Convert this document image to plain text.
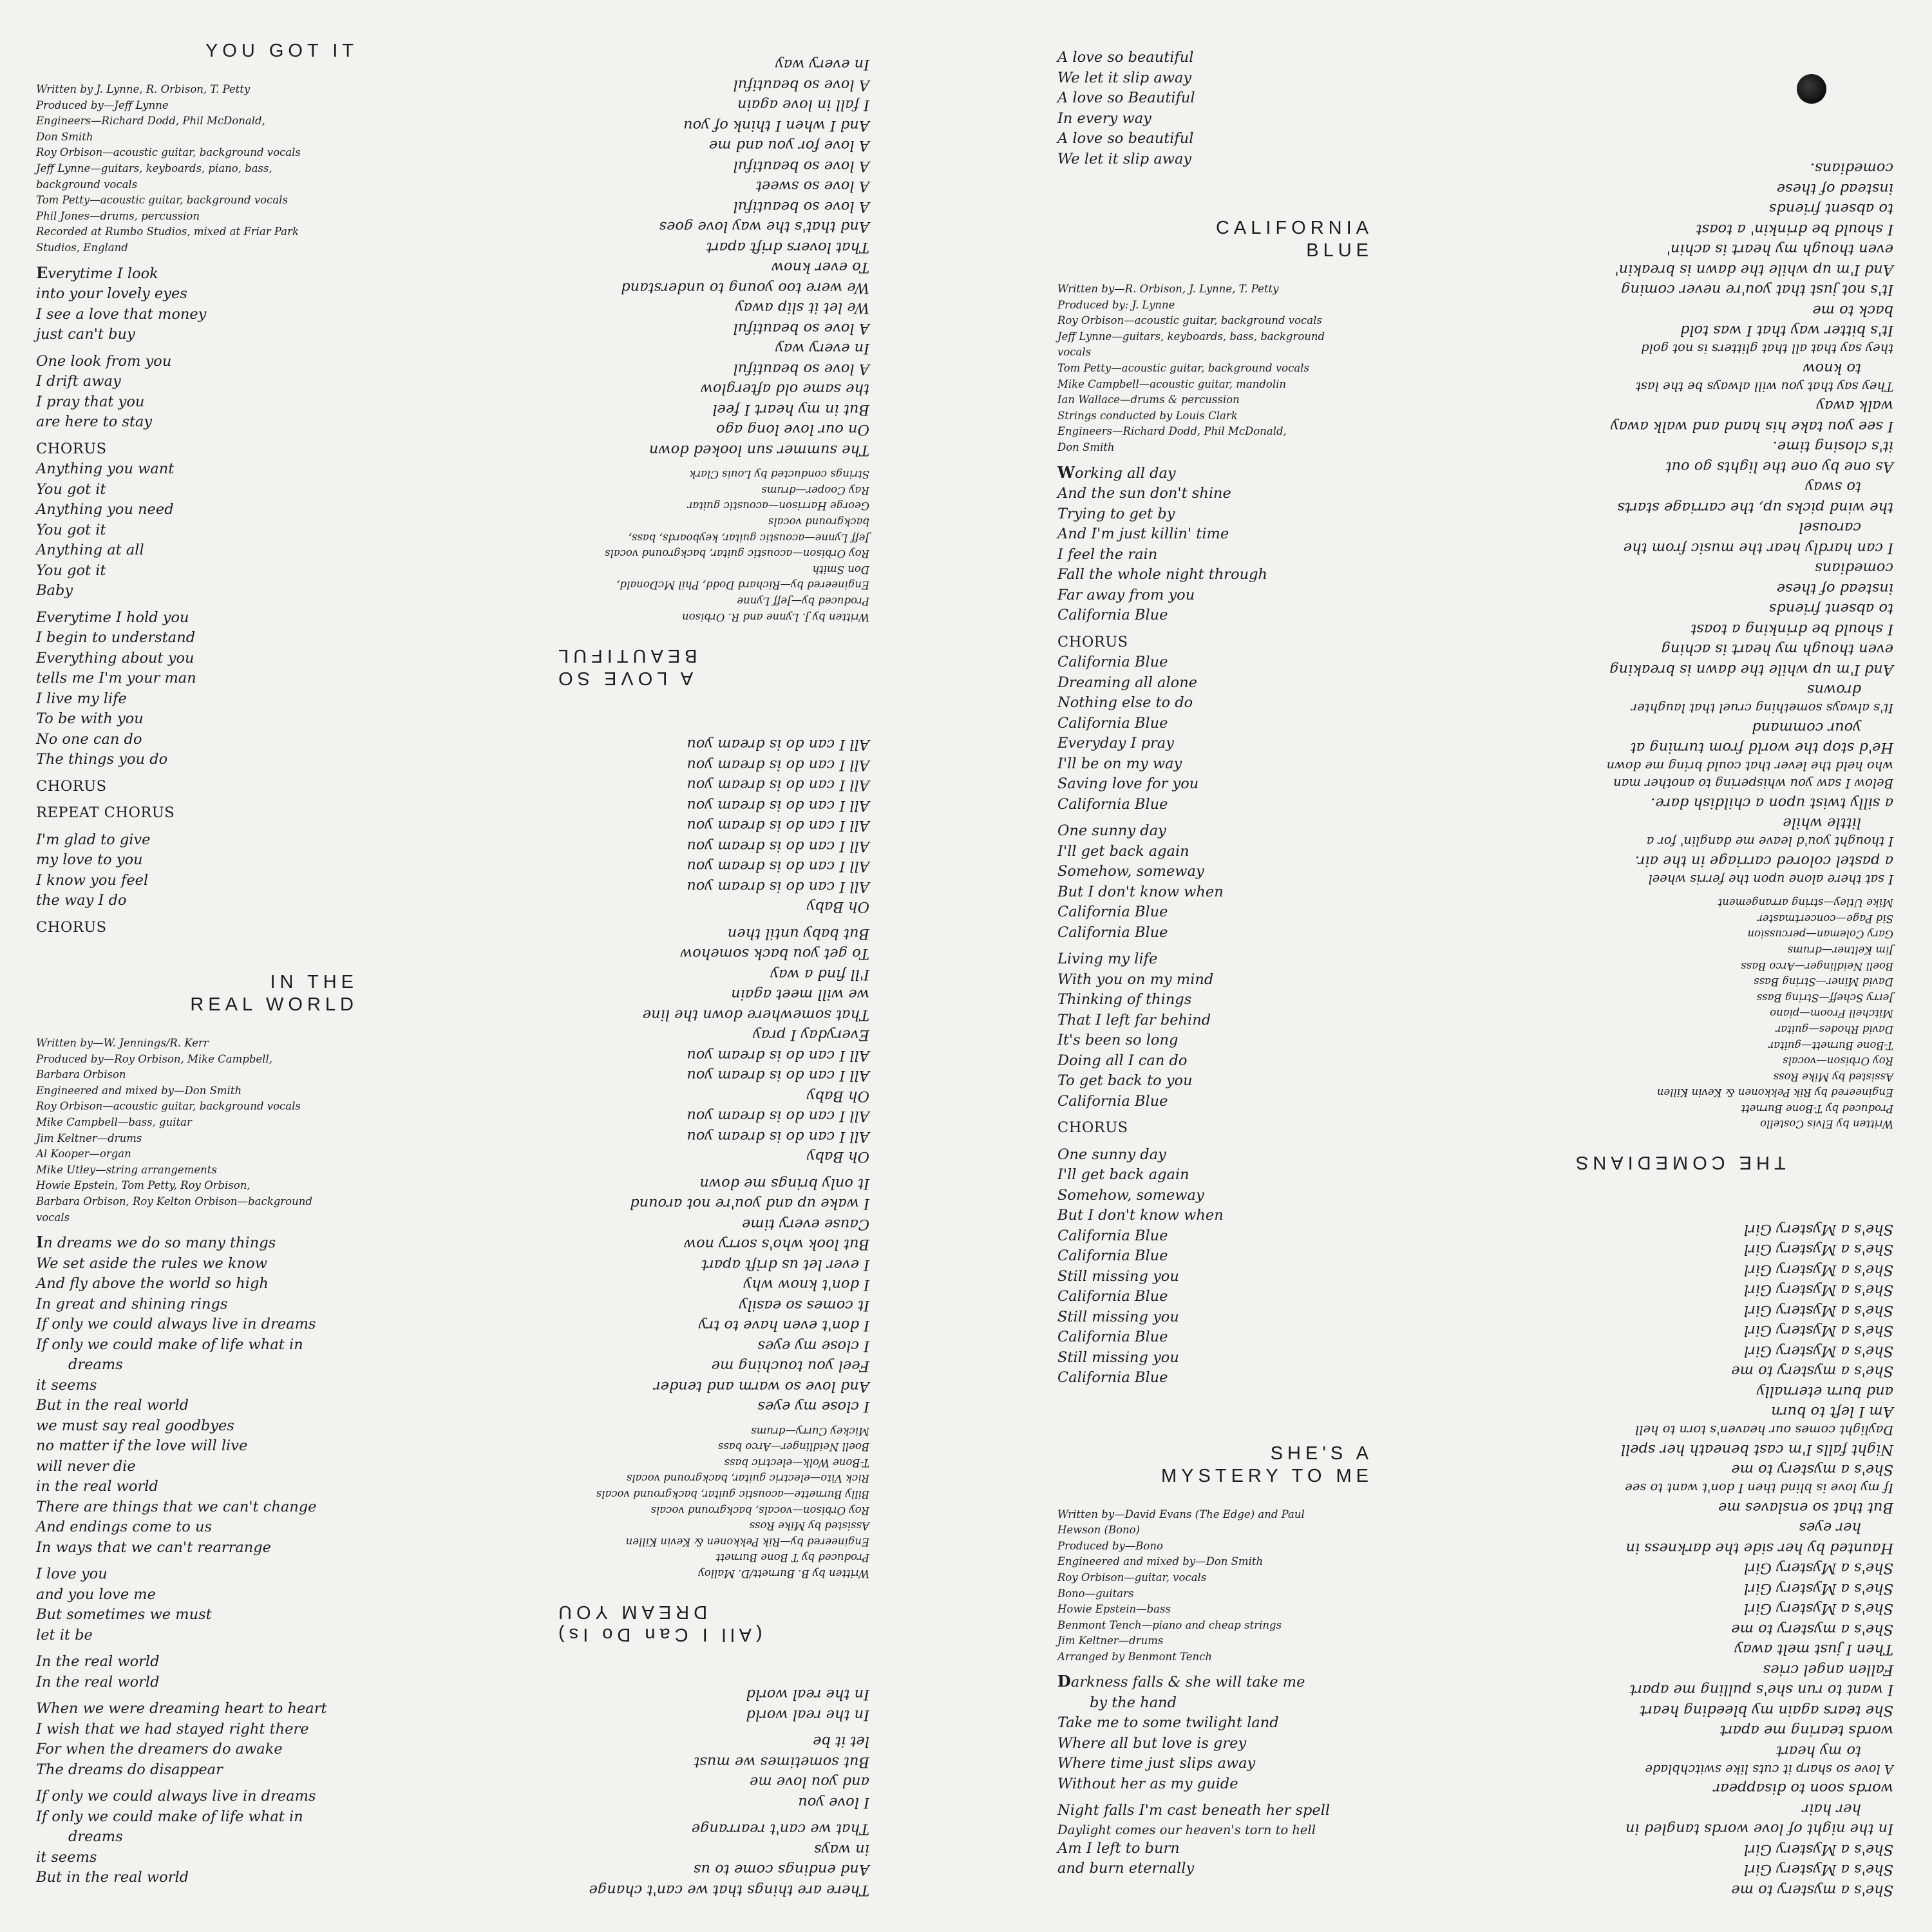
YOU GOT IT
Written by J. Lynne, R. Orbison, T. Petty
Produced by—Jeff Lynne
Engineers—Richard Dodd, Phil McDonald,
Don Smith
Roy Orbison—acoustic guitar, background vocals
Jeff Lynne—guitars, keyboards, piano, bass,
background vocals
Tom Petty—acoustic guitar, background vocals
Phil Jones—drums, percussion
Recorded at Rumbo Studios, mixed at Friar Park
Studios, England
Everytime I look
into your lovely eyes
I see a love that money
just can't buy
One look from you
I drift away
I pray that you
are here to stay
CHORUS
Anything you want
You got it
Anything you need
You got it
Anything at all
You got it
Baby
Everytime I hold you
I begin to understand
Everything about you
tells me I'm your man
I live my life
To be with you
No one can do
The things you do
CHORUS
REPEAT CHORUS
I'm glad to give
my love to you
I know you feel
the way I do
CHORUS
IN THE
REAL WORLD
Written by—W. Jennings/R. Kerr
Produced by—Roy Orbison, Mike Campbell,
Barbara Orbison
Engineered and mixed by—Don Smith
Roy Orbison—acoustic guitar, background vocals
Mike Campbell—bass, guitar
Jim Keltner—drums
Al Kooper—organ
Mike Utley—string arrangements
Howie Epstein, Tom Petty, Roy Orbison,
Barbara Orbison, Roy Kelton Orbison—background
vocals
In dreams we do so many things
We set aside the rules we know
And fly above the world so high
In great and shining rings
If only we could always live in dreams
If only we could make of life what in
dreams
it seems
But in the real world
we must say real goodbyes
no matter if the love will live
will never die
in the real world
There are things that we can't change
And endings come to us
In ways that we can't rearrange
I love you
and you love me
But sometimes we must
let it be
In the real world
In the real world
When we were dreaming heart to heart
I wish that we had stayed right there
For when the dreamers do awake
The dreams do disappear
If only we could always live in dreams
If only we could make of life what in
dreams
it seems
But in the real world
There are things that we can't change
And endings come to us
in ways
That we can't rearrange
I love you
and you love me
But sometimes we must
let it be
In the real world
In the real world
(All I Can Do Is)
DREAM YOU
Written by B. Burnett/D. Malloy
Produced by T Bone Burnett
Engineered by—Rik Pekkonen & Kevin Killen
Assisted by Mike Ross
Roy Orbison—vocals, background vocals
Billy Burnette—acoustic guitar, background vocals
Rick Vito—electric guitar, background vocals
T-Bone Wolk—electric bass
Boell Neidlinger—Arco bass
Mickey Curry—drums
I close my eyes
And love so warm and tender
Feel you touching me
I close my eyes
I don't even have to try
It comes so easily
I don't know why
I ever let us drift apart
But look who's sorry now
Cause every time
I wake up and you're not around
It only brings me down
Oh Baby
All I can do is dream you
All I can do is dream you
Oh Baby
All I can do is dream you
All I can do is dream you
Everyday I pray
That somewhere down the line
we will meet again
I'll find a way
To get you back somehow
But baby until then
Oh Baby
All I can do is dream you
All I can do is dream you
All I can do is dream you
All I can do is dream you
All I can do is dream you
All I can do is dream you
All I can do is dream you
All I can do is dream you
A LOVE SO
BEAUTIFUL
Written by J. Lynne and R. Orbison
Produced by—Jeff Lynne
Engineered by—Richard Dodd, Phil McDonald,
Don Smith
Roy Orbison—acoustic guitar, background vocals
Jeff Lynne—acoustic guitar, keyboards, bass,
background vocals
George Harrison—acoustic guitar
Ray Cooper—drums
Strings conducted by Louis Clark
The summer sun looked down
On our love long ago
But in my heart I feel
the same old afterglow
A love so beautiful
In every way
A love so beautiful
We let it slip away
We were too young to understand
To ever know
That lovers drift apart
And that's the way love goes
A love so beautiful
A love so sweet
A love so beautiful
A love for you and me
And I when I think of you
I fall in love again
A love so beautiful
In every way	A love so beautiful
We let it slip away
A love so Beautiful
In every way
A love so beautiful
We let it slip away
CALIFORNIA
BLUE
Written by—R. Orbison, J. Lynne, T. Petty
Produced by: J. Lynne
Roy Orbison—acoustic guitar, background vocals
Jeff Lynne—guitars, keyboards, bass, background
vocals
Tom Petty—acoustic guitar, background vocals
Mike Campbell—acoustic guitar, mandolin
Ian Wallace—drums & percussion
Strings conducted by Louis Clark
Engineers—Richard Dodd, Phil McDonald,
Don Smith
Working all day
And the sun don't shine
Trying to get by
And I'm just killin' time
I feel the rain
Fall the whole night through
Far away from you
California Blue
CHORUS
California Blue
Dreaming all alone
Nothing else to do
California Blue
Everyday I pray
I'll be on my way
Saving love for you
California Blue
One sunny day
I'll get back again
Somehow, someway
But I don't know when
California Blue
California Blue
Living my life
With you on my mind
Thinking of things
That I left far behind
It's been so long
Doing all I can do
To get back to you
California Blue
CHORUS
One sunny day
I'll get back again
Somehow, someway
But I don't know when
California Blue
California Blue
Still missing you
California Blue
Still missing you
California Blue
Still missing you
California Blue
SHE'S A
MYSTERY TO ME
Written by—David Evans (The Edge) and Paul
Hewson (Bono)
Produced by—Bono
Engineered and mixed by—Don Smith
Roy Orbison—guitar, vocals
Bono—guitars
Howie Epstein—bass
Benmont Tench—piano and cheap strings
Jim Keltner—drums
Arranged by Benmont Tench
Darkness falls & she will take me
by the hand
Take me to some twilight land
Where all but love is grey
Where time just slips away
Without her as my guide
Night falls I'm cast beneath her spell
Daylight comes our heaven's torn to hell
Am I left to burn
and burn eternally
She's a mystery to me
She's a Mystery Girl
She's a Mystery Girl
In the night of love words tangled in
her hair
words soon to disappear
A love so sharp it cuts like switchblade
to my heart
words tearing me apart
She tears again my bleeding heart
I want to run she's pulling me apart
Fallen angel cries
Then I just melt away
She's a mystery to me
She's a Mystery Girl
She's a Mystery Girl
She's a Mystery Girl
Haunted by her side the darkness in
her eyes
But that so enslaves me
If my love is blind then I don't want to see
She's a mystery to me
Night falls I'm cast beneath her spell
Daylight comes our heaven's torn to hell
Am I left to burn
and burn eternally
She's a mystery to me
She's a Mystery Girl
She's a Mystery Girl
She's a Mystery Girl
She's a Mystery Girl
She's a Mystery Girl
She's a Mystery Girl
She's a Mystery Girl
THE COMEDIANS
Written by Elvis Costello
Produced by T-Bone Burnett
Engineered by Rik Pekkonen & Kevin Killen
Assisted by Mike Ross
Roy Orbison—vocals
T-Bone Burnett—guitar
David Rhodes—guitar
Mitchell Froom—piano
Jerry Scheff—String Bass
David Miner—String Bass
Boell Neidlinger—Arco Bass
Jim Keltner—drums
Gary Coleman—percussion
Sid Page—concertmaster
Mike Utley—string arrangement
I sat there alone upon the ferris wheel
a pastel colored carriage in the air.
I thought you'd leave me danglin' for a
little while
a silly twist upon a childish dare.
Below I saw you whispering to another man
who held the lever that could bring me down
He'd stop the world from turning at
your command
It's always something cruel that laughter
drowns
And I'm up while the dawn is breaking
even though my heart is aching
I should be drinking a toast
to absent friends
instead of these
comedians
I can hardly hear the music from the
carousel
the wind picks up, the carriage starts
to sway
As one by one the lights go out
it's closing time.
I see you take his hand and walk away
walk away
They say that you will always be the last
to know
they say that all that glitters is not gold
It's bitter way that I was told
back to me
It's not just that you're never coming
And I'm up while the dawn is breakin'
even though my heart is achin'
I should be drinkin' a toast
to absent friends
instead of these
comedians.
